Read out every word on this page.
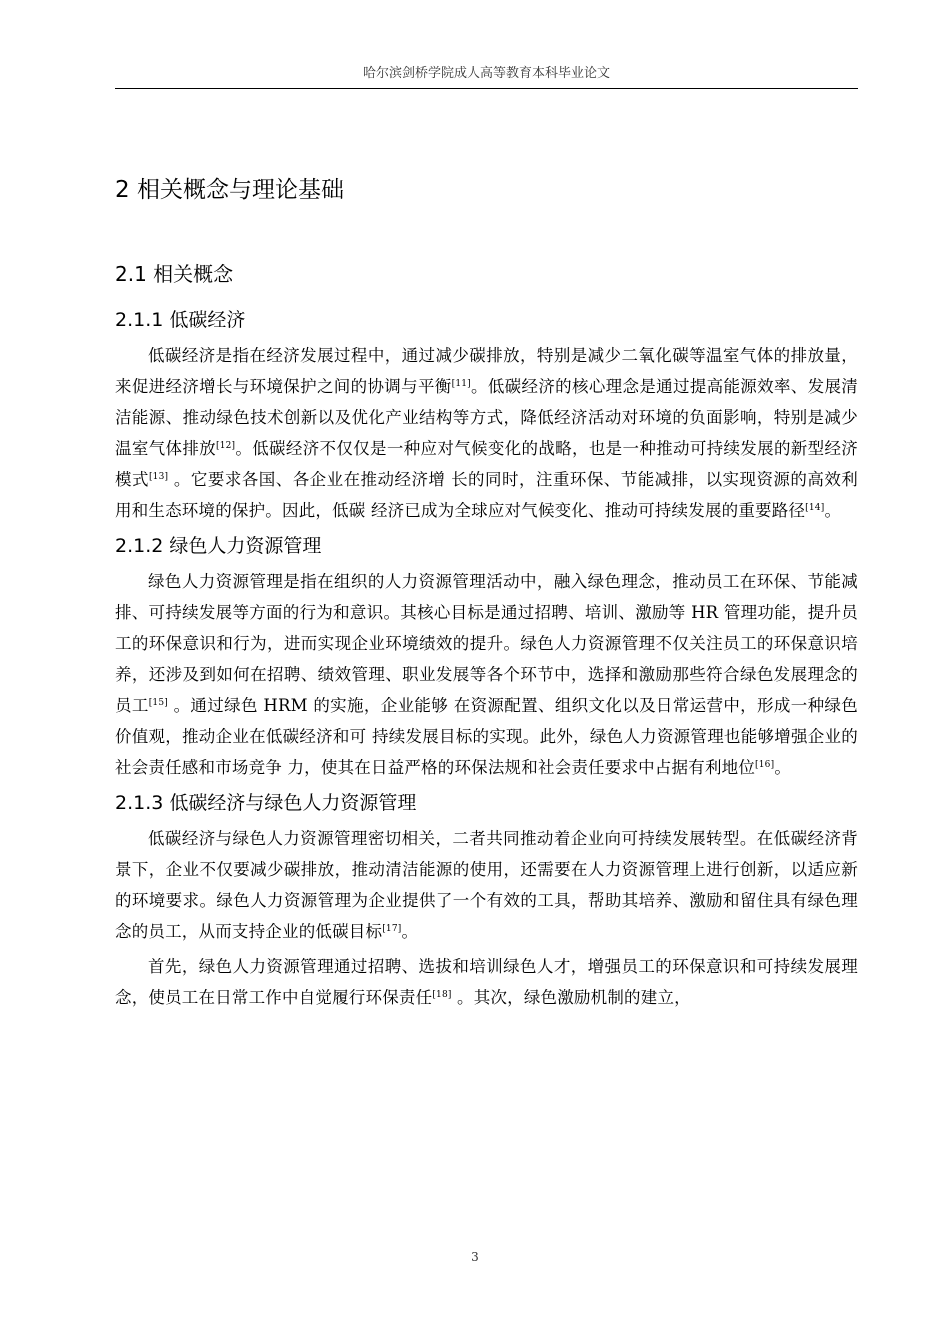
哈尔滨剑桥学院成人高等教育本科毕业论文
2 相关概念与理论基础
2.1 相关概念
2.1.1 低碳经济

低碳经济是指在经济发展过程中，通过减少碳排放，特别是减少二氧化碳等温室气体的排放量，来促进经济增长与环境保护之间的协调与平衡[11]。低碳经济的核心理念是通过提高能源效率、发展清洁能源、推动绿色技术创新以及优化产业结构等方式，降低经济活动对环境的负面影响，特别是减少温室气体排放[12]。低碳经济不仅仅是一种应对气候变化的战略，也是一种推动可持续发展的新型经济模式[13] 。它要求各国、各企业在推动经济增 长的同时，注重环保、节能减排，以实现资源的高效利用和生态环境的保护。因此，低碳 经济已成为全球应对气候变化、推动可持续发展的重要路径[14]。

2.1.2 绿色人力资源管理

绿色人力资源管理是指在组织的人力资源管理活动中，融入绿色理念，推动员工在环保、节能减排、可持续发展等方面的行为和意识。其核心目标是通过招聘、培训、激励等 HR 管理功能，提升员工的环保意识和行为，进而实现企业环境绩效的提升。绿色人力资源管理不仅关注员工的环保意识培养，还涉及到如何在招聘、绩效管理、职业发展等各个环节中，选择和激励那些符合绿色发展理念的员工[15] 。通过绿色 HRM 的实施，企业能够 在资源配置、组织文化以及日常运营中，形成一种绿色价值观，推动企业在低碳经济和可 持续发展目标的实现。此外，绿色人力资源管理也能够增强企业的社会责任感和市场竞争 力，使其在日益严格的环保法规和社会责任要求中占据有利地位[16]。

2.1.3 低碳经济与绿色人力资源管理

低碳经济与绿色人力资源管理密切相关，二者共同推动着企业向可持续发展转型。在低碳经济背景下，企业不仅要减少碳排放，推动清洁能源的使用，还需要在人力资源管理上进行创新，以适应新的环境要求。绿色人力资源管理为企业提供了一个有效的工具，帮助其培养、激励和留住具有绿色理念的员工，从而支持企业的低碳目标[17]。

首先，绿色人力资源管理通过招聘、选拔和培训绿色人才，增强员工的环保意识和可持续发展理念，使员工在日常工作中自觉履行环保责任[18] 。其次，绿色激励机制的建立，

3
